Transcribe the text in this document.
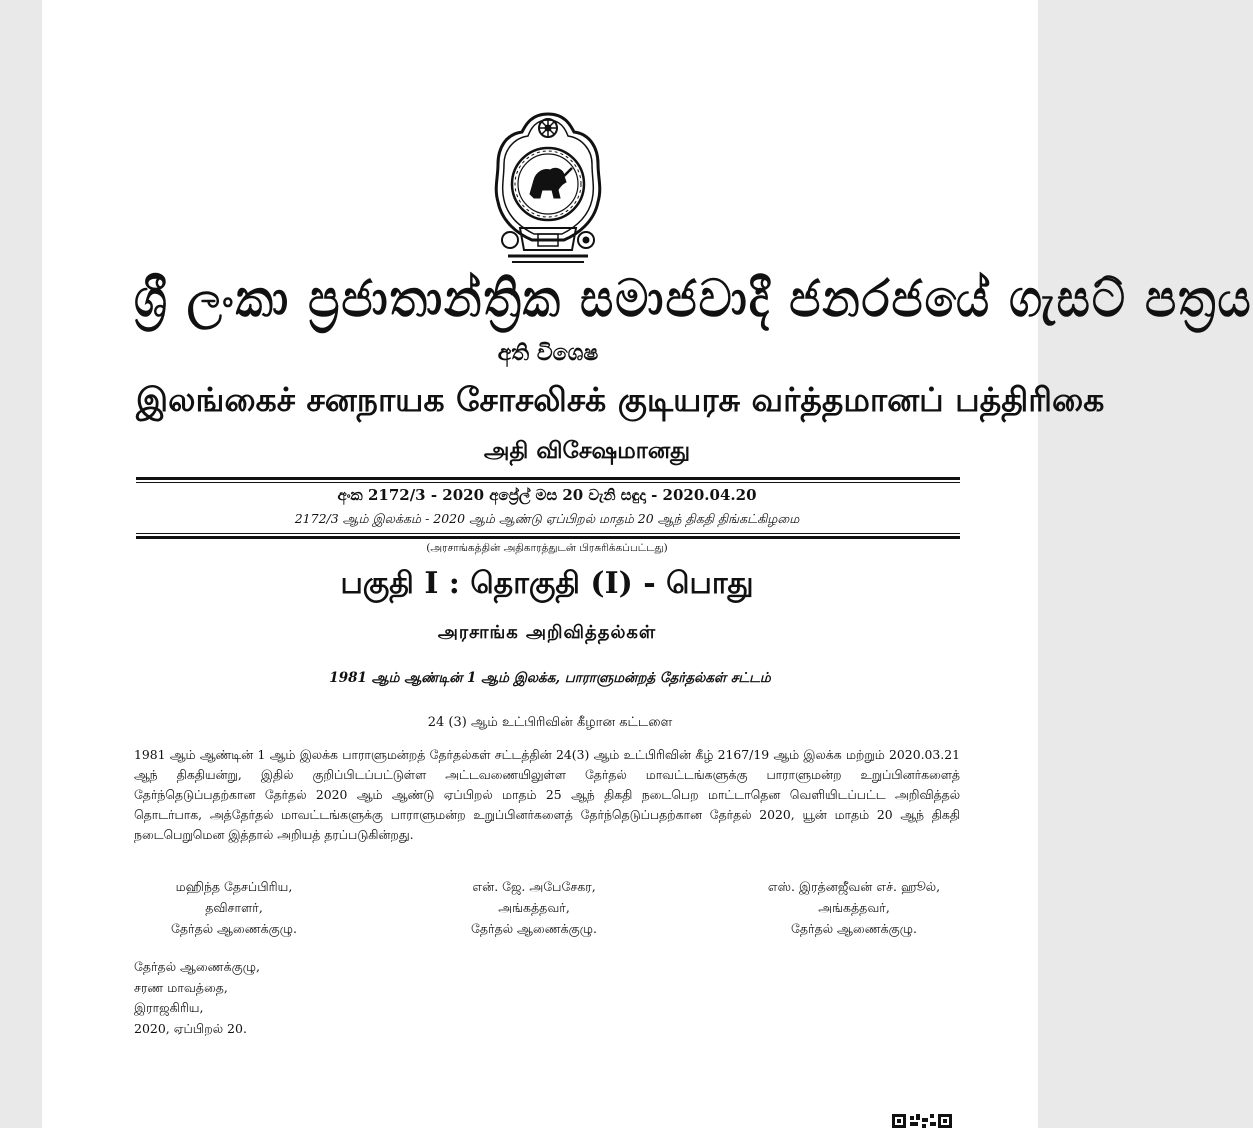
ශ්‍රී ලංකා ප්‍රජාතාන්ත්‍රික සමාජවාදී ජනරජයේ ගැසට් පත්‍රය
අති විශෙෂ
இலங்கைச் சனநாயக சோசலிசக் குடியரசு வர்த்தமானப் பத்திரிகை
அதி விசேஷமானது
අංක 2172/3 - 2020 අප්‍රේල් මස 20 වැනි සඳුදා - 2020.04.20
2172/3 ஆம் இலக்கம் - 2020 ஆம் ஆண்டு ஏப்பிறல் மாதம் 20 ஆந் திகதி திங்கட்கிழமை
(அரசாங்கத்தின் அதிகாரத்துடன் பிரசுரிக்கப்பட்டது)
பகுதி I : தொகுதி (I) - பொது
அரசாங்க அறிவித்தல்கள்
1981 ஆம் ஆண்டின் 1 ஆம் இலக்க, பாராளுமன்றத் தேர்தல்கள் சட்டம்
24 (3) ஆம் உட்பிரிவின் கீழான கட்டளை

1981 ஆம் ஆண்டின் 1 ஆம் இலக்க பாராளுமன்றத் தேர்தல்கள் சட்டத்தின் 24(3) ஆம் உட்பிரிவின் கீழ் 2167/19 ஆம் இலக்க மற்றும் 2020.03.21 ஆந் திகதியன்று, இதில் குறிப்பிடப்பட்டுள்ள அட்டவணையிலுள்ள தேர்தல் மாவட்டங்களுக்கு பாராளுமன்ற உறுப்பினர்களைத் தேர்ந்தெடுப்பதற்கான தேர்தல் 2020 ஆம் ஆண்டு ஏப்பிறல் மாதம் 25 ஆந் திகதி நடைபெற மாட்டாதென வெளியிடப்பட்ட அறிவித்தல் தொடர்பாக, அத்தேர்தல் மாவட்டங்களுக்கு பாராளுமன்ற உறுப்பினர்களைத் தேர்ந்தெடுப்பதற்கான தேர்தல் 2020, யூன் மாதம் 20 ஆந் திகதி நடைபெறுமென இத்தால் அறியத் தரப்படுகின்றது.

மஹிந்த தேசப்பிரிய,
தவிசாளர்,
தேர்தல் ஆணைக்குழு.
என். ஜே. அபேசேகர,
அங்கத்தவர்,
தேர்தல் ஆணைக்குழு.
எஸ். இரத்னஜீவன் எச். ஹூல்,
அங்கத்தவர்,
தேர்தல் ஆணைக்குழு.
தேர்தல் ஆணைக்குழு,
சரண மாவத்தை,
இராஜகிரிய,
2020, ஏப்பிறல் 20.
